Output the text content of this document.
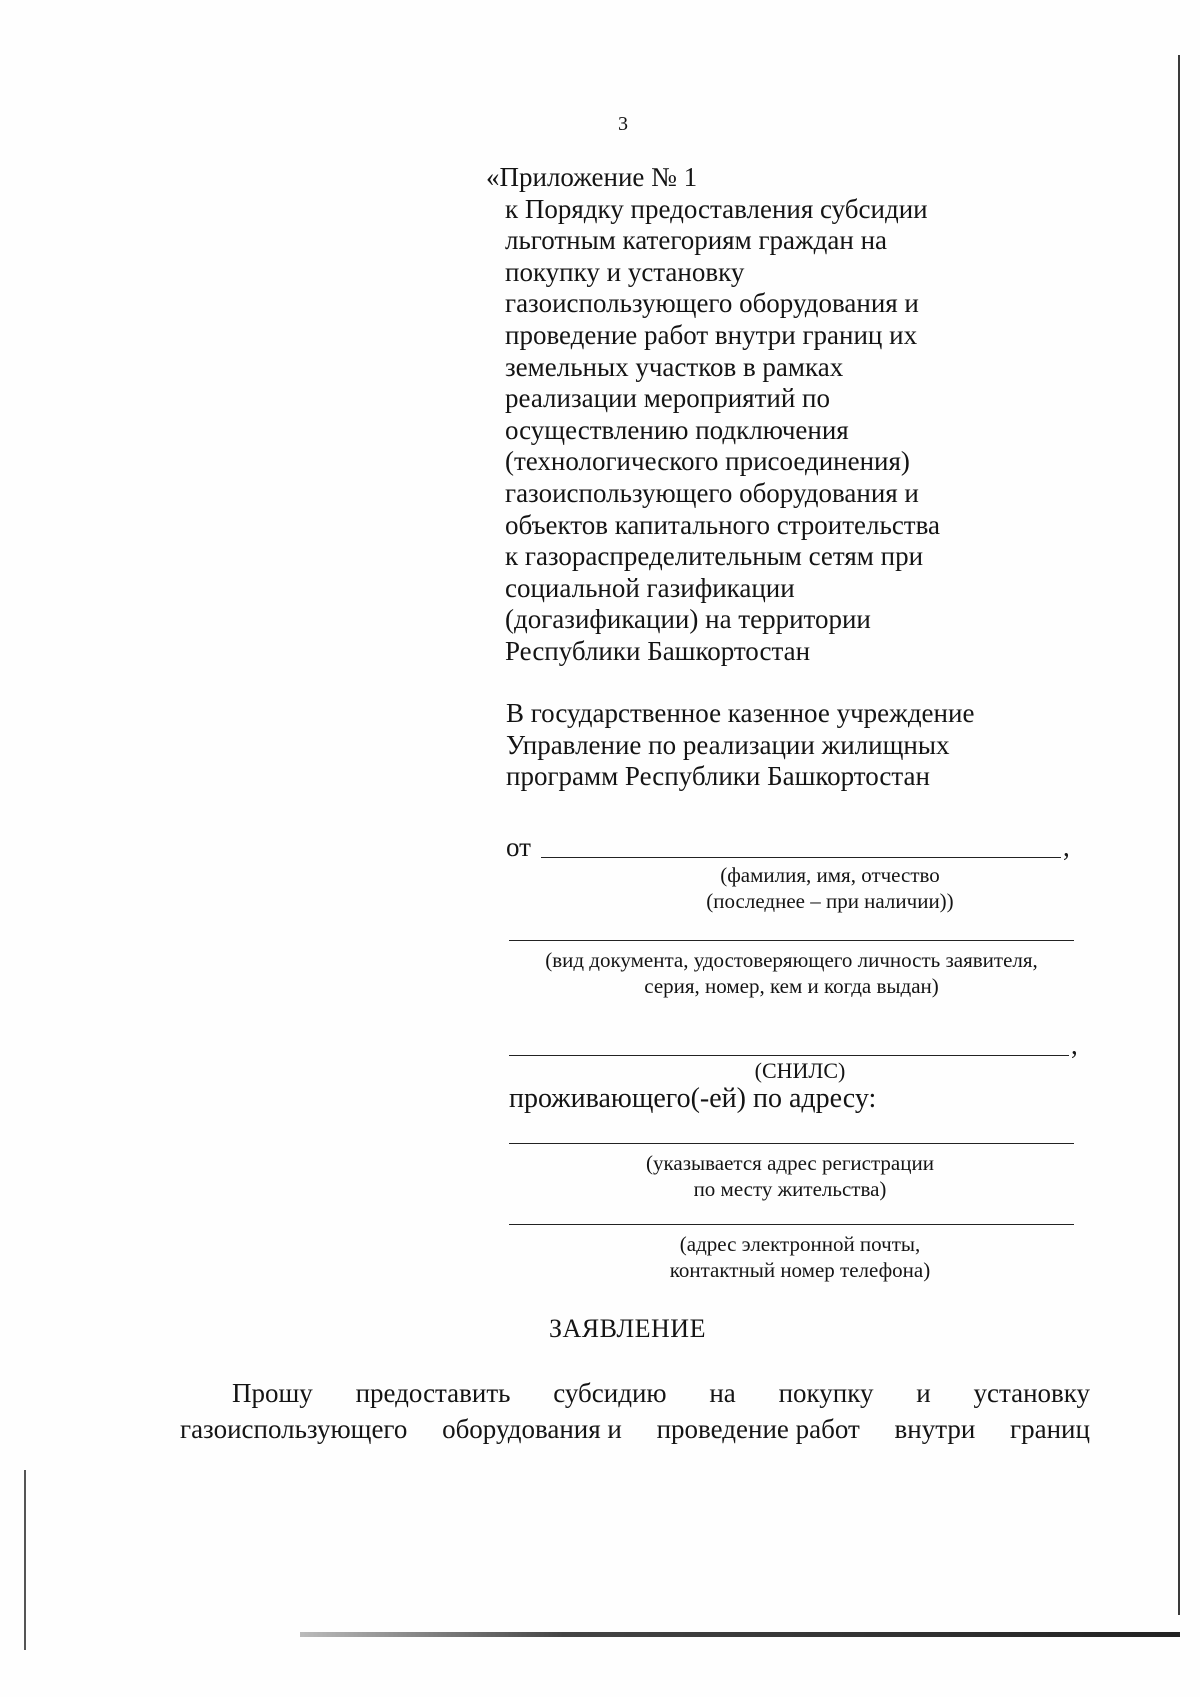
3
«Приложение № 1
к Порядку предоставления субсидии
льготным категориям граждан на
покупку и установку
газоиспользующего оборудования и
проведение работ внутри границ их
земельных участков в рамках
реализации мероприятий по
осуществлению подключения
(технологического присоединения)
газоиспользующего оборудования и
объектов капитального строительства
к газораспределительным сетям при
социальной газификации
(догазификации) на территории
Республики Башкортостан
В государственное казенное учреждение
Управление по реализации жилищных
программ Республики Башкортостан
от	,
(фамилия, имя, отчество
(последнее – при наличии))
(вид документа, удостоверяющего личность заявителя,
серия, номер, кем и когда выдан)
,
(СНИЛС)
проживающего(-ей) по адресу:
(указывается адрес регистрации
по месту жительства)
(адрес электронной почты,
контактный номер телефона)
ЗАЯВЛЕНИЕ
Прошу предоставить субсидию на покупку и установку
газоиспользующего оборудования и проведение работ внутри границ
